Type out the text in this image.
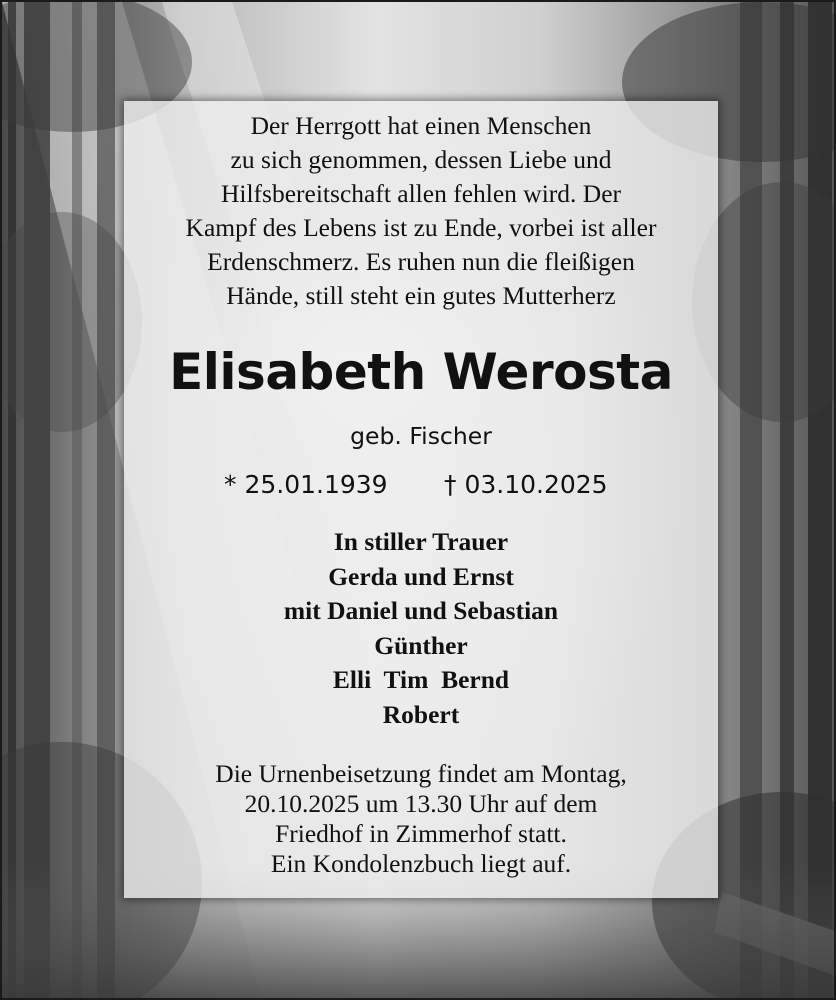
Der Herrgott hat einen Menschen
zu sich genommen, dessen Liebe und
Hilfsbereitschaft allen fehlen wird. Der
Kampf des Lebens ist zu Ende, vorbei ist aller
Erdenschmerz. Es ruhen nun die fleißigen
Hände, still steht ein gutes Mutterherz
Elisabeth Werosta
geb. Fischer
* 25.01.1939 † 03.10.2025
In stiller Trauer
Gerda und Ernst
mit Daniel und Sebastian
Günther
Elli  Tim  Bernd
Robert
Die Urnenbeisetzung findet am Montag,
20.10.2025 um 13.30 Uhr auf dem
Friedhof in Zimmerhof statt.
Ein Kondolenzbuch liegt auf.
